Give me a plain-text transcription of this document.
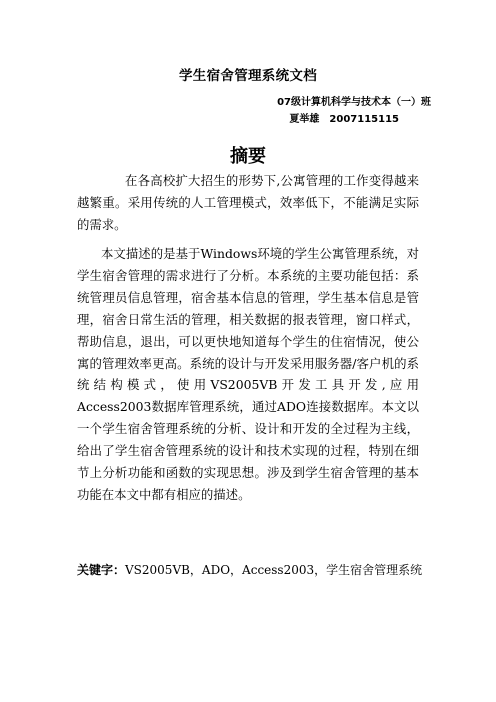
学生宿舍管理系统文档
07级计算机科学与技术本（一）班
夏举雄　2007115115
摘要
在各高校扩大招生的形势下,公寓管理的工作变得越来越繁重。采用传统的人工管理模式，效率低下，不能满足实际的需求。
本文描述的是基于Windows环境的学生公寓管理系统，对学生宿舍管理的需求进行了分析。本系统的主要功能包括：系统管理员信息管理，宿舍基本信息的管理，学生基本信息是管理，宿舍日常生活的管理，相关数据的报表管理，窗口样式，帮助信息，退出，可以更快地知道每个学生的住宿情况，使公寓的管理效率更高。系统的设计与开发采用服务器/客户机的系统结构模式，使用VS2005VB开发工具开发,应用Access2003数据库管理系统，通过ADO连接数据库。本文以一个学生宿舍管理系统的分析、设计和开发的全过程为主线，给出了学生宿舍管理系统的设计和技术实现的过程，特别在细节上分析功能和函数的实现思想。涉及到学生宿舍管理的基本功能在本文中都有相应的描述。
关键字：VS2005VB，ADO，Access2003，学生宿舍管理系统
